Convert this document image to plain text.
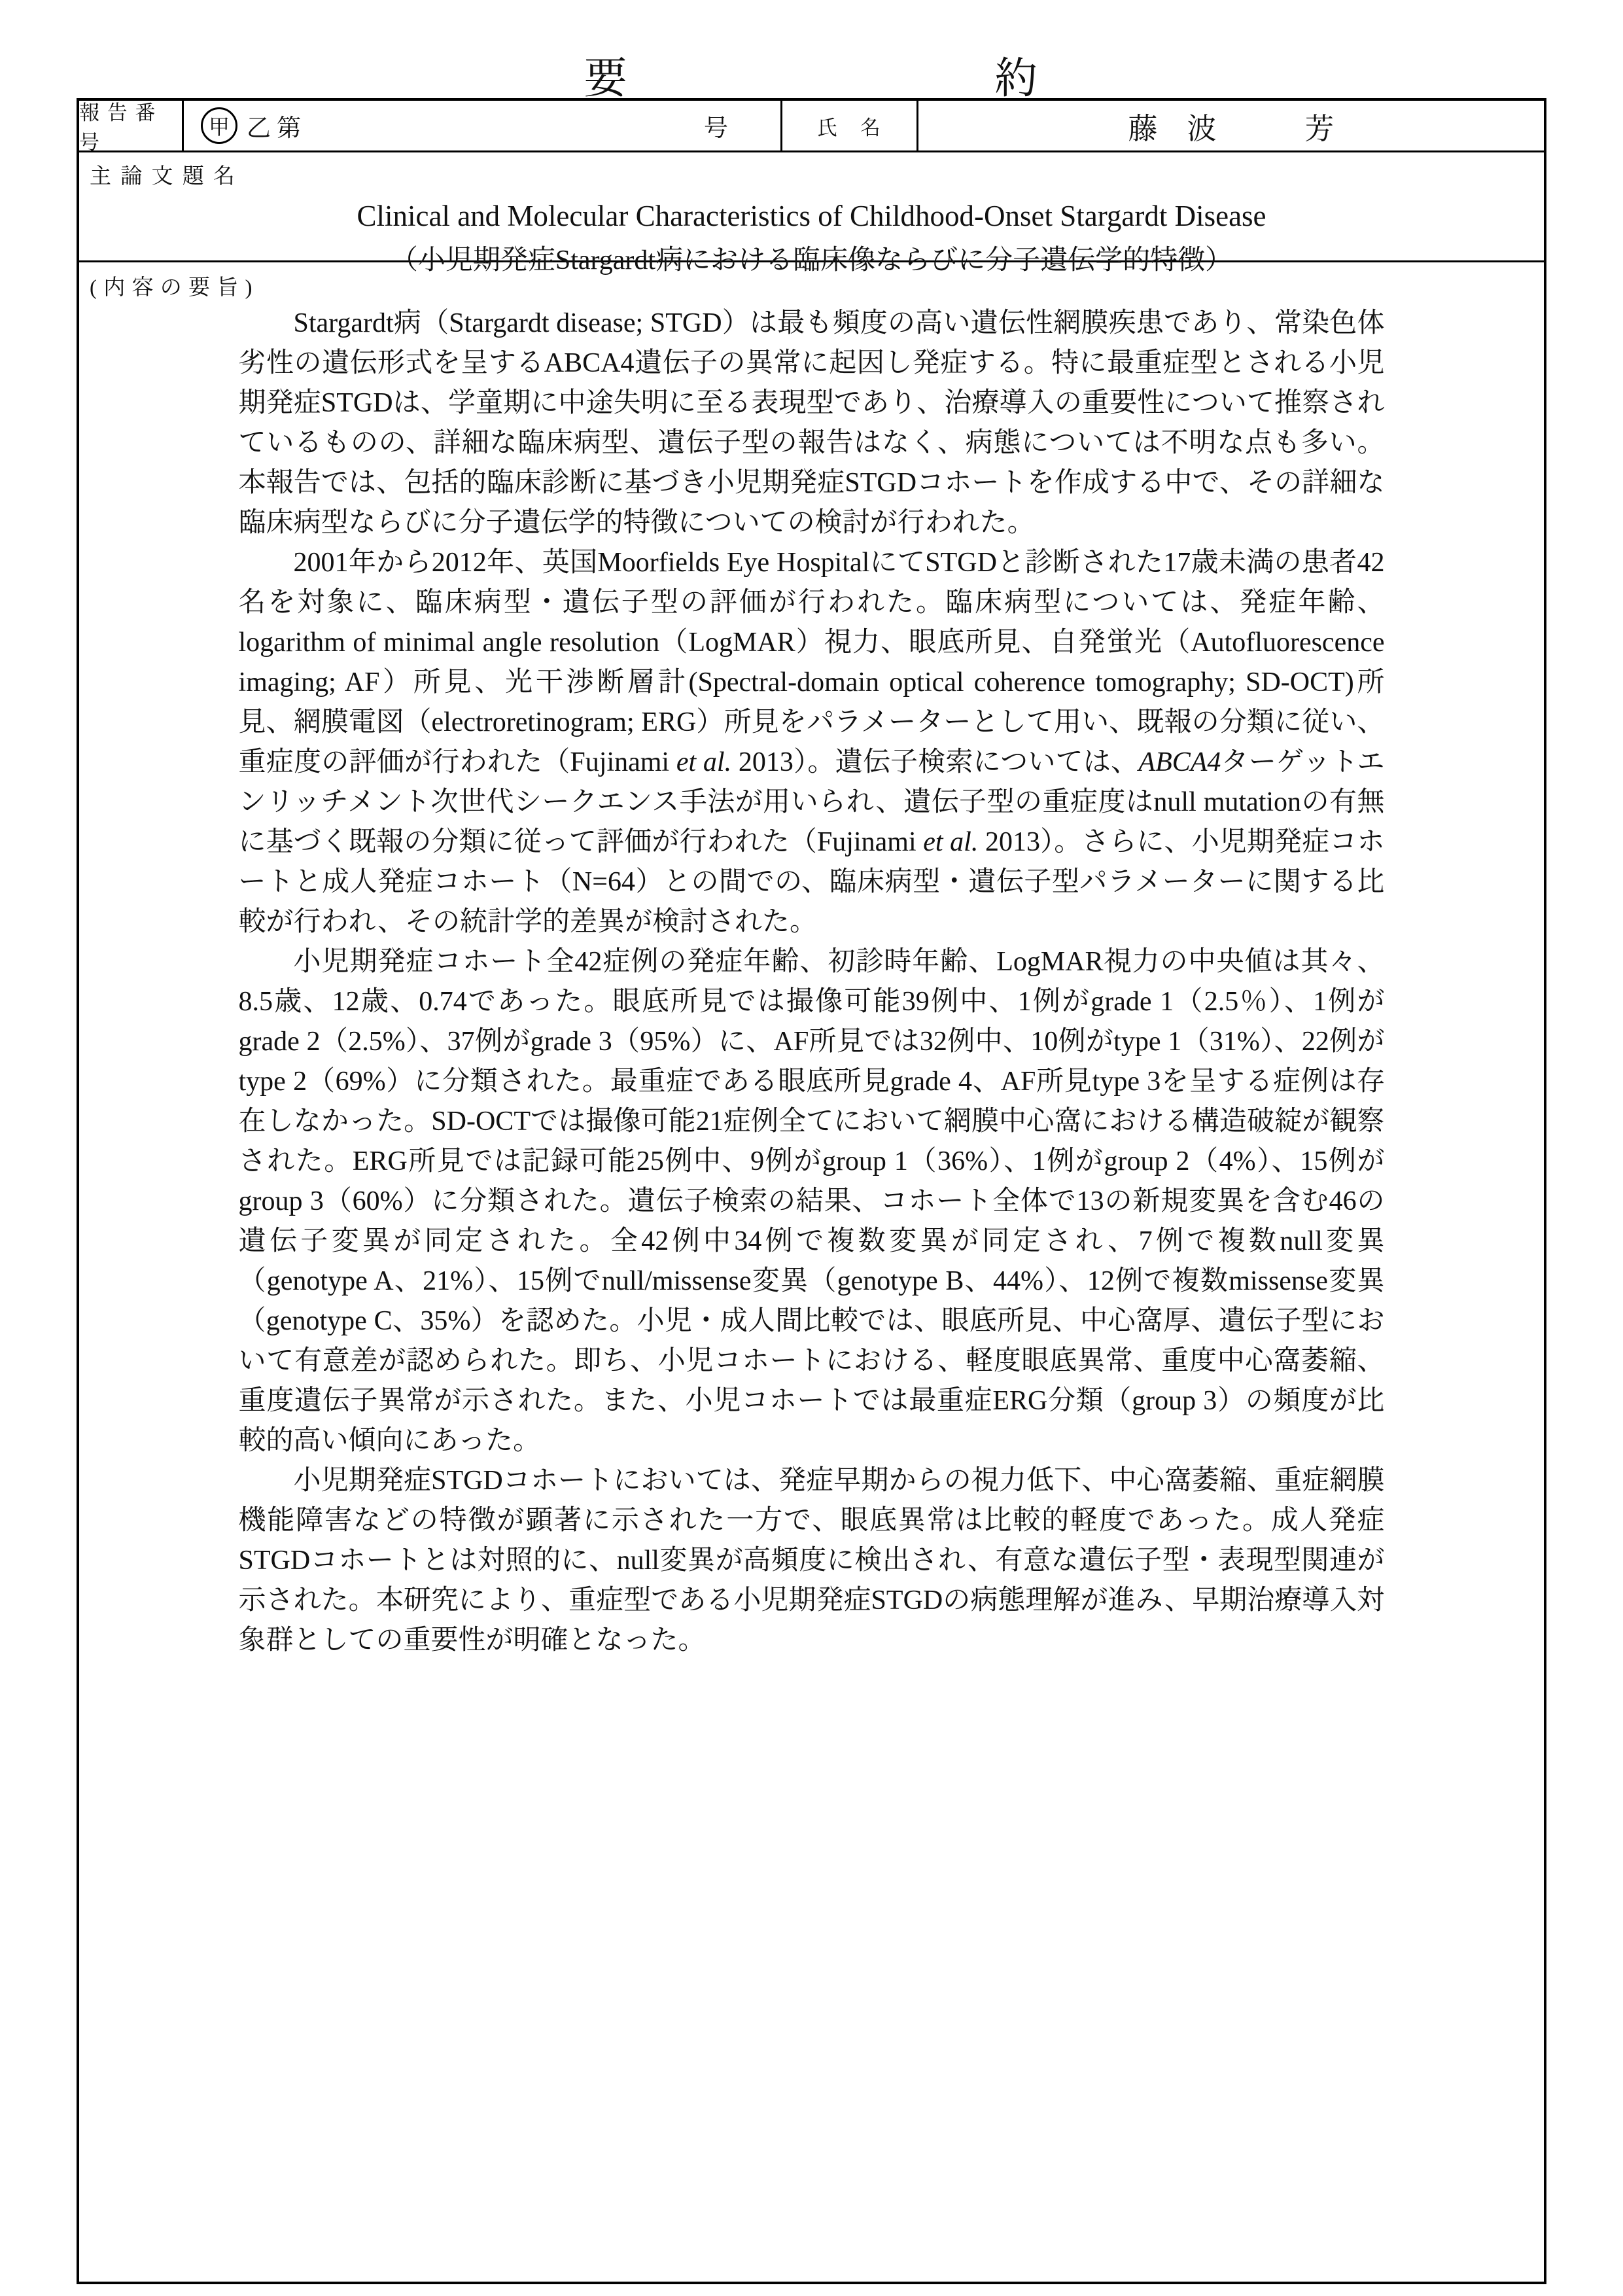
要 約
報 告 番 号
甲 乙 第	号	氏　名	藤　波　　　芳
主 論 文 題 名
Clinical and Molecular Characteristics of Childhood-Onset Stargardt Disease
（小児期発症Stargardt病における臨床像ならびに分子遺伝学的特徴）
( 内 容 の 要 旨 )

Stargardt病（Stargardt disease; STGD）は最も頻度の高い遺伝性網膜疾患であり、常染色体劣性の遺伝形式を呈するABCA4遺伝子の異常に起因し発症する。特に最重症型とされる小児期発症STGDは、学童期に中途失明に至る表現型であり、治療導入の重要性について推察されているものの、詳細な臨床病型、遺伝子型の報告はなく、病態については不明な点も多い。本報告では、包括的臨床診断に基づき小児期発症STGDコホートを作成する中で、その詳細な臨床病型ならびに分子遺伝学的特徴についての検討が行われた。

2001年から2012年、英国Moorfields Eye HospitalにてSTGDと診断された17歳未満の患者42名を対象に、臨床病型・遺伝子型の評価が行われた。臨床病型については、発症年齢、logarithm of minimal angle resolution（LogMAR）視力、眼底所見、自発蛍光（Autofluorescence imaging; AF）所見、光干渉断層計(Spectral-domain optical coherence tomography; SD-OCT)所見、網膜電図（electroretinogram; ERG）所見をパラメーターとして用い、既報の分類に従い、重症度の評価が行われた（Fujinami et al. 2013）。遺伝子検索については、ABCA4ターゲットエンリッチメント次世代シークエンス手法が用いられ、遺伝子型の重症度はnull mutationの有無に基づく既報の分類に従って評価が行われた（Fujinami et al. 2013）。さらに、小児期発症コホートと成人発症コホート（N=64）との間での、臨床病型・遺伝子型パラメーターに関する比較が行われ、その統計学的差異が検討された。

小児期発症コホート全42症例の発症年齢、初診時年齢、LogMAR視力の中央値は其々、8.5歳、12歳、0.74であった。眼底所見では撮像可能39例中、1例がgrade 1（2.5％）、1例がgrade 2（2.5%）、37例がgrade 3（95%）に、AF所見では32例中、10例がtype 1（31%）、22例がtype 2（69%）に分類された。最重症である眼底所見grade 4、AF所見type 3を呈する症例は存在しなかった。SD-OCTでは撮像可能21症例全てにおいて網膜中心窩における構造破綻が観察された。ERG所見では記録可能25例中、9例がgroup 1（36%）、1例がgroup 2（4%）、15例がgroup 3（60%）に分類された。遺伝子検索の結果、コホート全体で13の新規変異を含む46の遺伝子変異が同定された。全42例中34例で複数変異が同定され、7例で複数null変異（genotype A、21%）、15例でnull/missense変異（genotype B、44%）、12例で複数missense変異（genotype C、35%）を認めた。小児・成人間比較では、眼底所見、中心窩厚、遺伝子型において有意差が認められた。即ち、小児コホートにおける、軽度眼底異常、重度中心窩萎縮、重度遺伝子異常が示された。また、小児コホートでは最重症ERG分類（group 3）の頻度が比較的高い傾向にあった。

小児期発症STGDコホートにおいては、発症早期からの視力低下、中心窩萎縮、重症網膜機能障害などの特徴が顕著に示された一方で、眼底異常は比較的軽度であった。成人発症STGDコホートとは対照的に、null変異が高頻度に検出され、有意な遺伝子型・表現型関連が示された。本研究により、重症型である小児期発症STGDの病態理解が進み、早期治療導入対象群としての重要性が明確となった。
